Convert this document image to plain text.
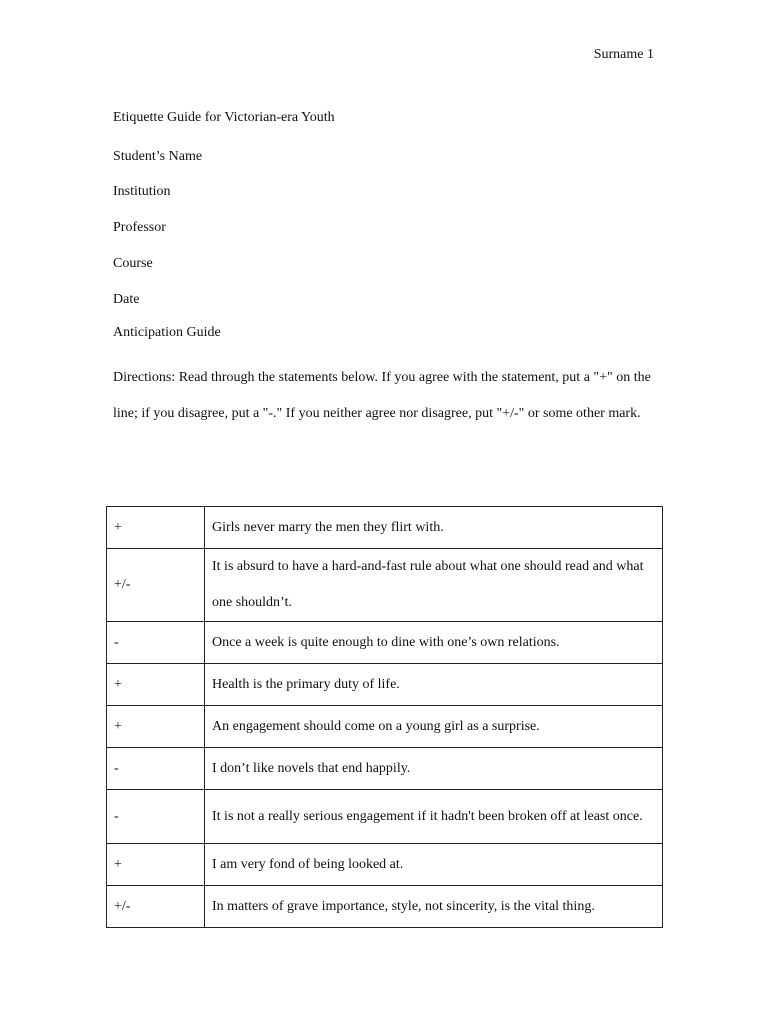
Surname 1
Etiquette Guide for Victorian-era Youth
Student’s Name
Institution
Professor
Course
Date
Anticipation Guide
Directions: Read through the statements below. If you agree with the statement, put a "+" on the line; if you disagree, put a "-." If you neither agree nor disagree, put "+/-" or some other mark.
+	Girls never marry the men they flirt with.
+/-	It is absurd to have a hard-and-fast rule about what one should read and what one shouldn’t.
-	Once a week is quite enough to dine with one’s own relations.
+	Health is the primary duty of life.
+	An engagement should come on a young girl as a surprise.
-	I don’t like novels that end happily.
-	It is not a really serious engagement if it hadn't been broken off at least once.
+	I am very fond of being looked at.
+/-	In matters of grave importance, style, not sincerity, is the vital thing.
